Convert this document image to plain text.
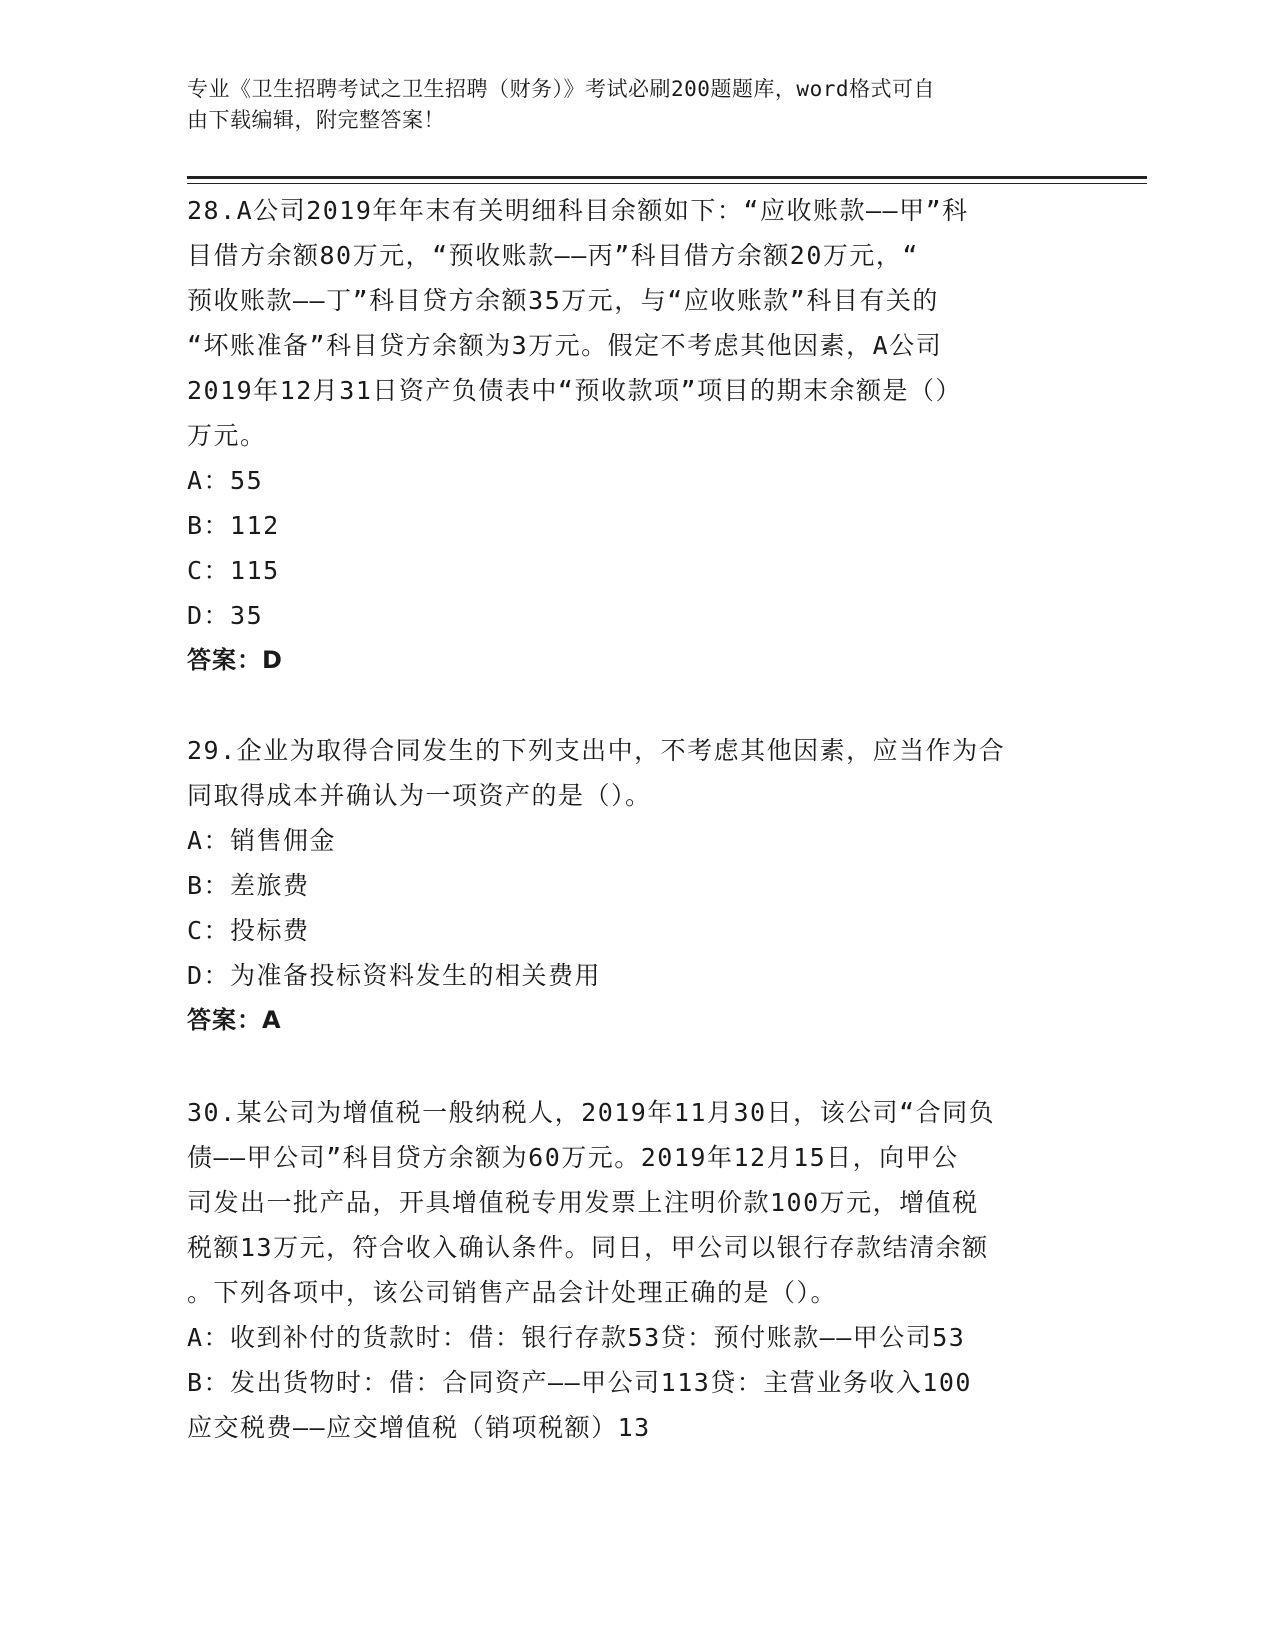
专业《卫生招聘考试之卫生招聘（财务）》考试必刷200题题库，word格式可自
由下载编辑，附完整答案！

28.A公司2019年年末有关明细科目余额如下：“应收账款——甲”科
目借方余额80万元，“预收账款——丙”科目借方余额20万元，“
预收账款——丁”科目贷方余额35万元，与“应收账款”科目有关的
“坏账准备”科目贷方余额为3万元。假定不考虑其他因素，A公司
2019年12月31日资产负债表中“预收款项”项目的期末余额是（）
万元。

A：55

B：112

C：115

D：35

答案：D

29.企业为取得合同发生的下列支出中，不考虑其他因素，应当作为合
同取得成本并确认为一项资产的是（）。

A：销售佣金

B：差旅费

C：投标费

D：为准备投标资料发生的相关费用

答案：A

30.某公司为增值税一般纳税人，2019年11月30日，该公司“合同负
债——甲公司”科目贷方余额为60万元。2019年12月15日，向甲公
司发出一批产品，开具增值税专用发票上注明价款100万元，增值税
税额13万元，符合收入确认条件。同日，甲公司以银行存款结清余额
。下列各项中，该公司销售产品会计处理正确的是（）。

A：收到补付的货款时：借：银行存款53贷：预付账款——甲公司53

B：发出货物时：借：合同资产——甲公司113贷：主营业务收入100
应交税费——应交增值税（销项税额）13
